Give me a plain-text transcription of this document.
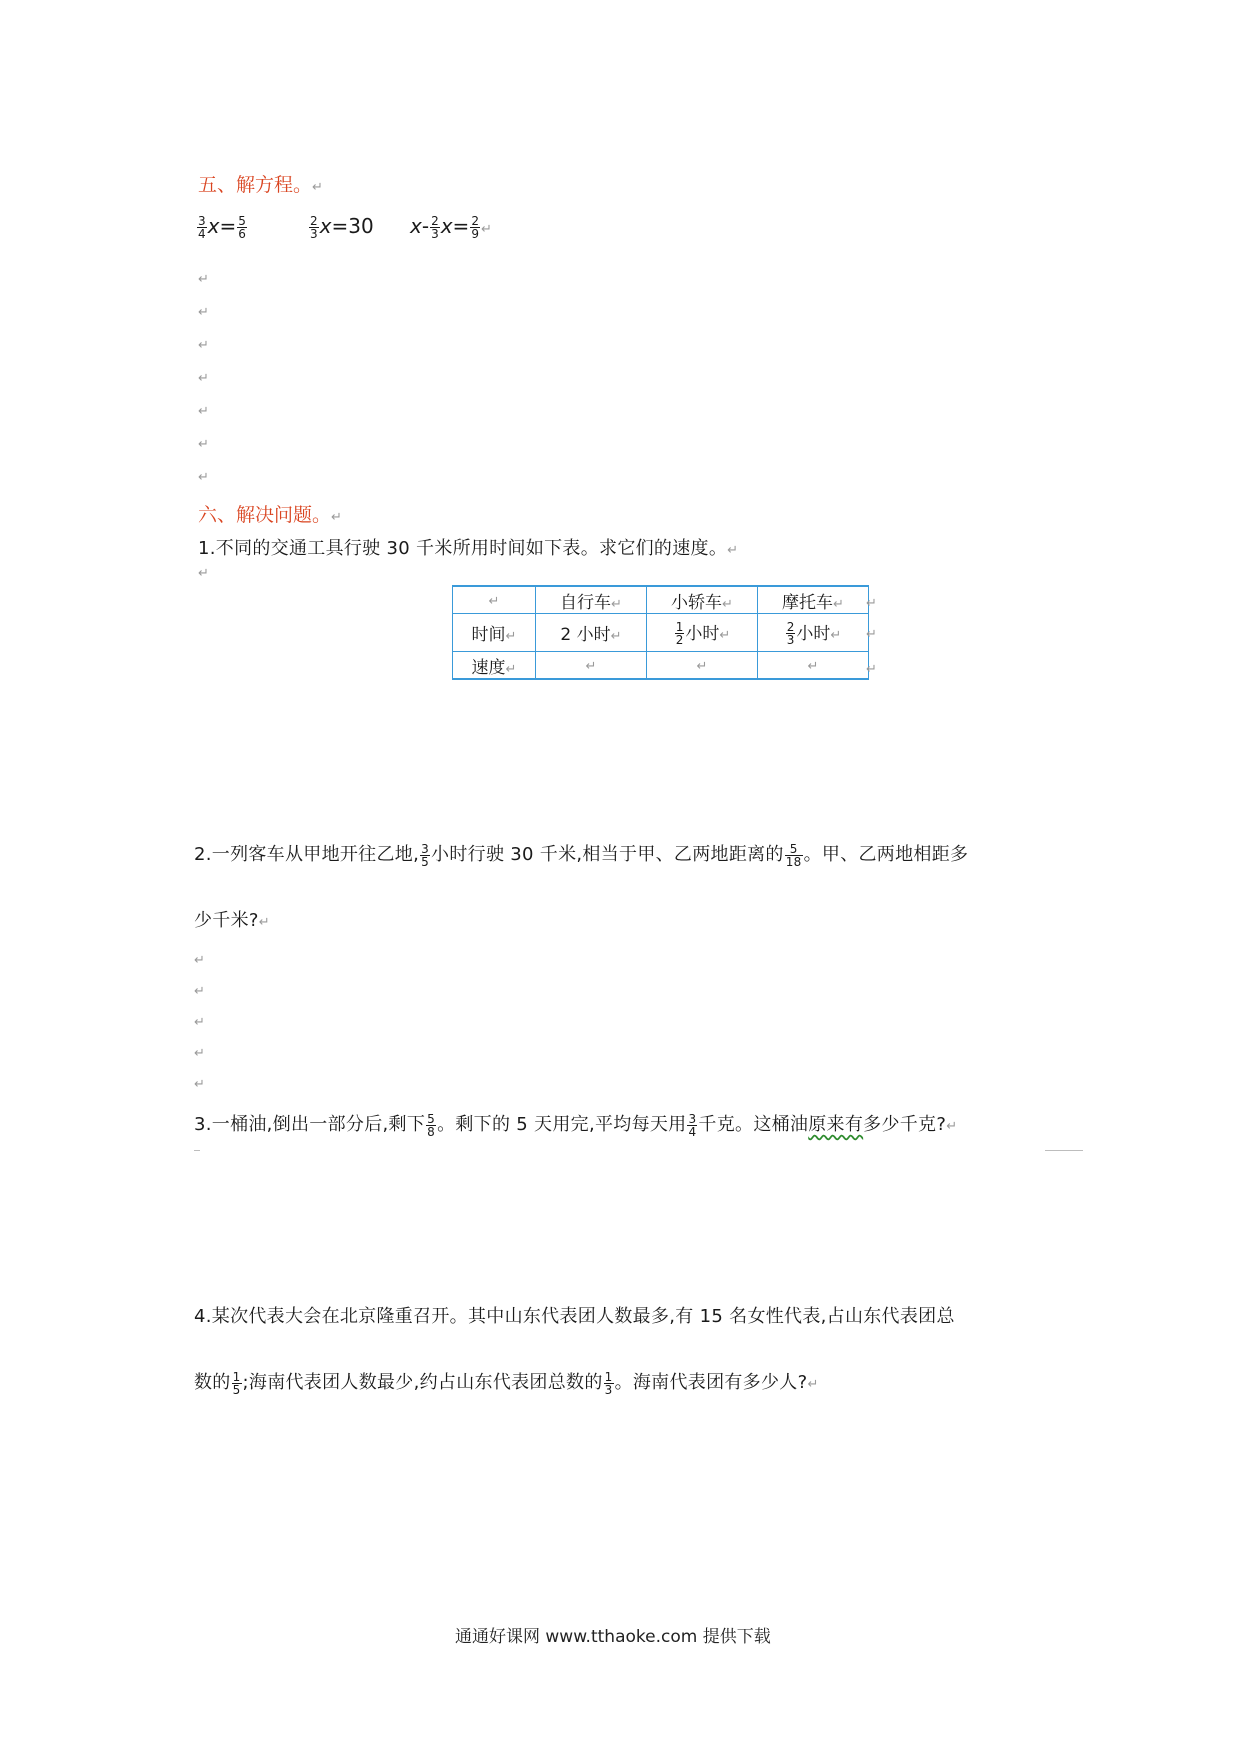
五、解方程。↵
$\frac{3}{4} x= \frac{5}{6}$	$\frac{2}{3} x=30$ $x- \frac{2}{3} x= \frac{2}{9}$ ↵
↵
↵
↵
↵
↵
↵
↵
六、解决问题。↵
1.不同的交通工具行驶 30 千米所用时间如下表。求它们的速度。↵
↵
↵	自行车↵	小轿车↵	摩托车↵
时间↵	2 小时↵	$\frac{1}{2}$ 小时↵	$\frac{2}{3}$ 小时↵
速度↵	↵	↵	↵
↵
↵
↵
2.一列客车从甲地开往乙地, $\frac{3}{5}$ 小时行驶 30 千米,相当于甲、乙两地距离的 $\frac{5}{18}$ 。甲、乙两地相距多
少千米?↵
↵
↵
↵
↵
↵
3.一桶油,倒出一部分后,剩下 $\frac{5}{8}$ 。剩下的 5 天用完,平均每天用 $\frac{3}{4}$ 千克。这桶油原来有多少千克?↵
4.某次代表大会在北京隆重召开。其中山东代表团人数最多,有 15 名女性代表,占山东代表团总
数的 $\frac{1}{5}$ ;海南代表团人数最少,约占山东代表团总数的 $\frac{1}{3}$ 。海南代表团有多少人?↵
通通好课网 www.tthaoke.com 提供下载
